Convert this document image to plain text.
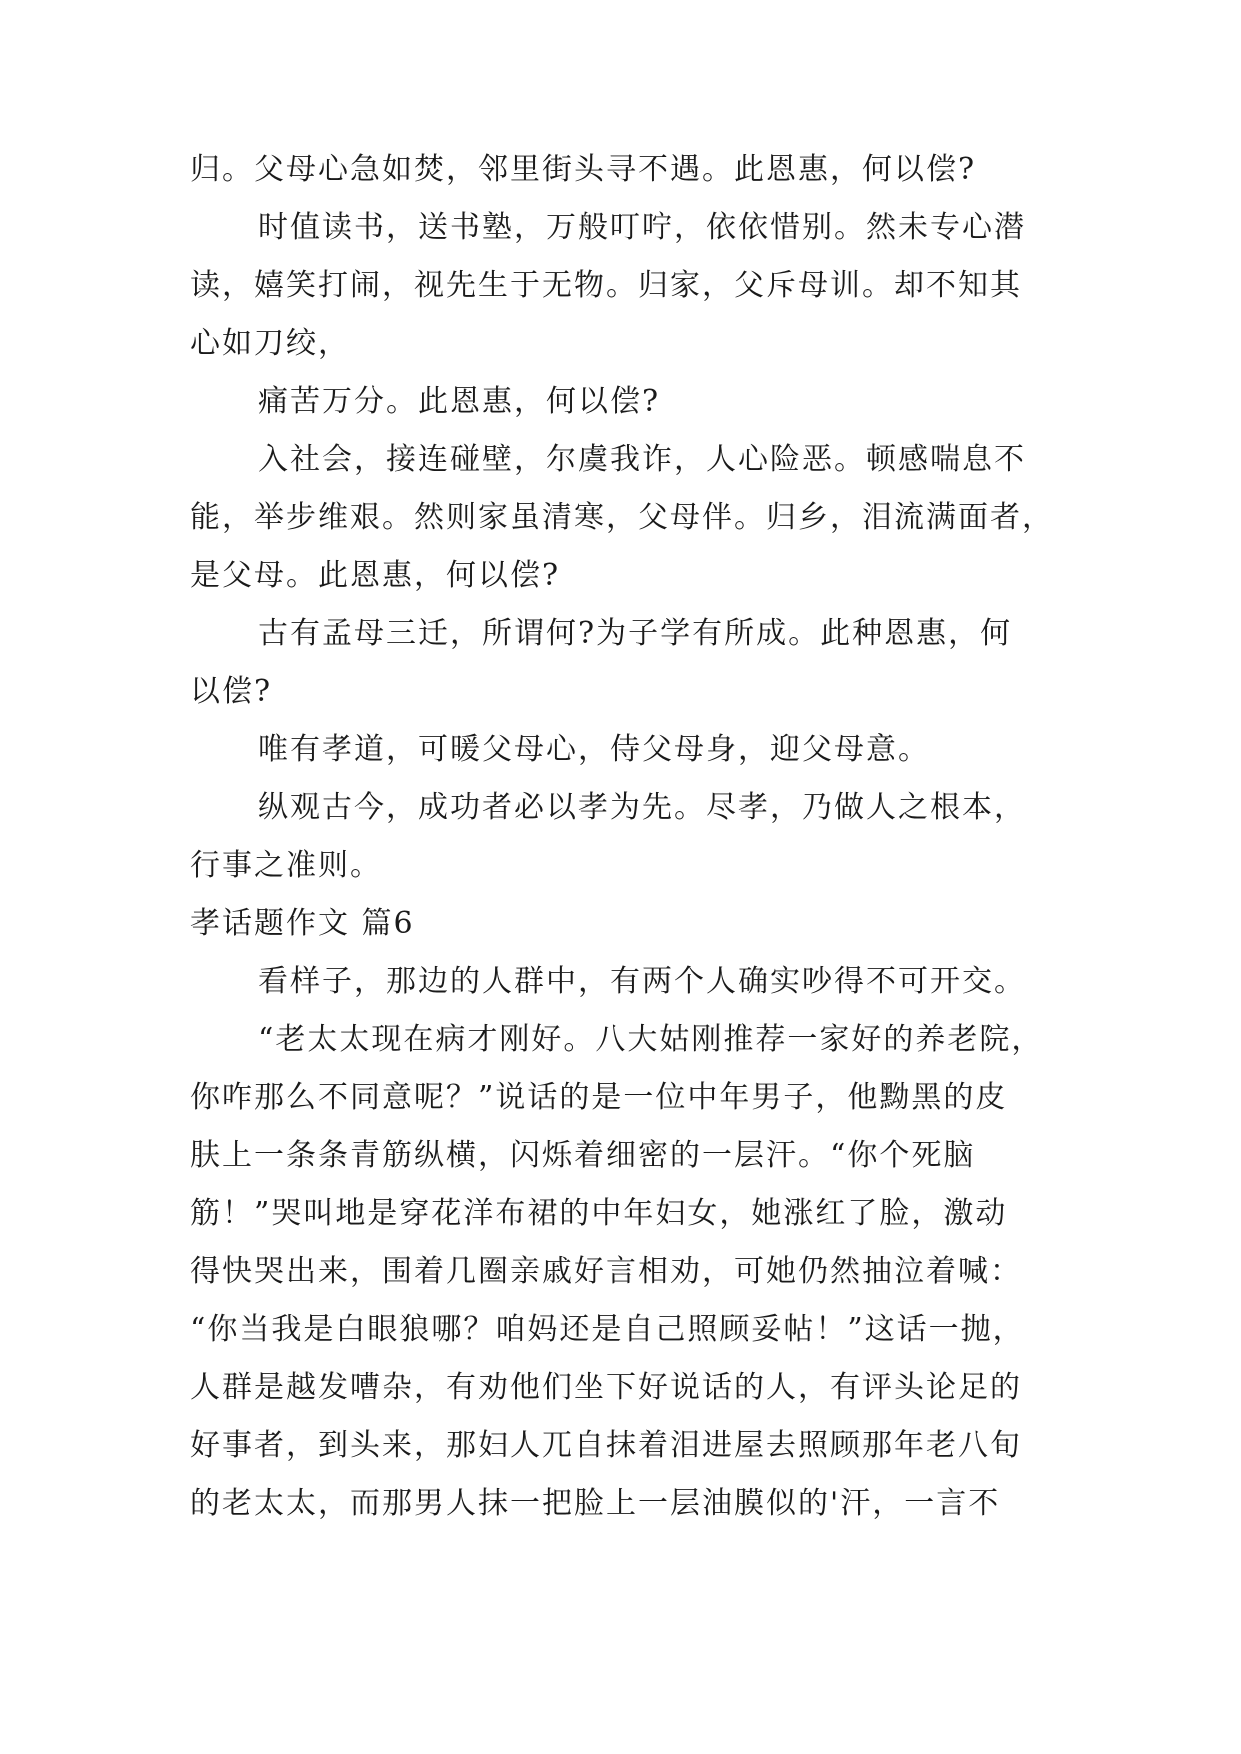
归。父母心急如焚，邻里街头寻不遇。此恩惠，何以偿?
时值读书，送书塾，万般叮咛，依依惜别。然未专心潜
读，嬉笑打闹，视先生于无物。归家，父斥母训。却不知其
心如刀绞，
痛苦万分。此恩惠，何以偿?
入社会，接连碰壁，尔虞我诈，人心险恶。顿感喘息不
能，举步维艰。然则家虽清寒，父母伴。归乡，泪流满面者，
是父母。此恩惠，何以偿?
古有孟母三迁，所谓何?为子学有所成。此种恩惠，何
以偿?
唯有孝道，可暖父母心，侍父母身，迎父母意。
纵观古今，成功者必以孝为先。尽孝，乃做人之根本，
行事之准则。
孝话题作文 篇6
看样子，那边的人群中，有两个人确实吵得不可开交。
“老太太现在病才刚好。八大姑刚推荐一家好的养老院，
你咋那么不同意呢？”说话的是一位中年男子，他黝黑的皮
肤上一条条青筋纵横，闪烁着细密的一层汗。“你个死脑
筋！”哭叫地是穿花洋布裙的中年妇女，她涨红了脸，激动
得快哭出来，围着几圈亲戚好言相劝，可她仍然抽泣着喊：
“你当我是白眼狼哪？咱妈还是自己照顾妥帖！”这话一抛，
人群是越发嘈杂，有劝他们坐下好说话的人，有评头论足的
好事者，到头来，那妇人兀自抹着泪进屋去照顾那年老八旬
的老太太，而那男人抹一把脸上一层油膜似的'汗，一言不
